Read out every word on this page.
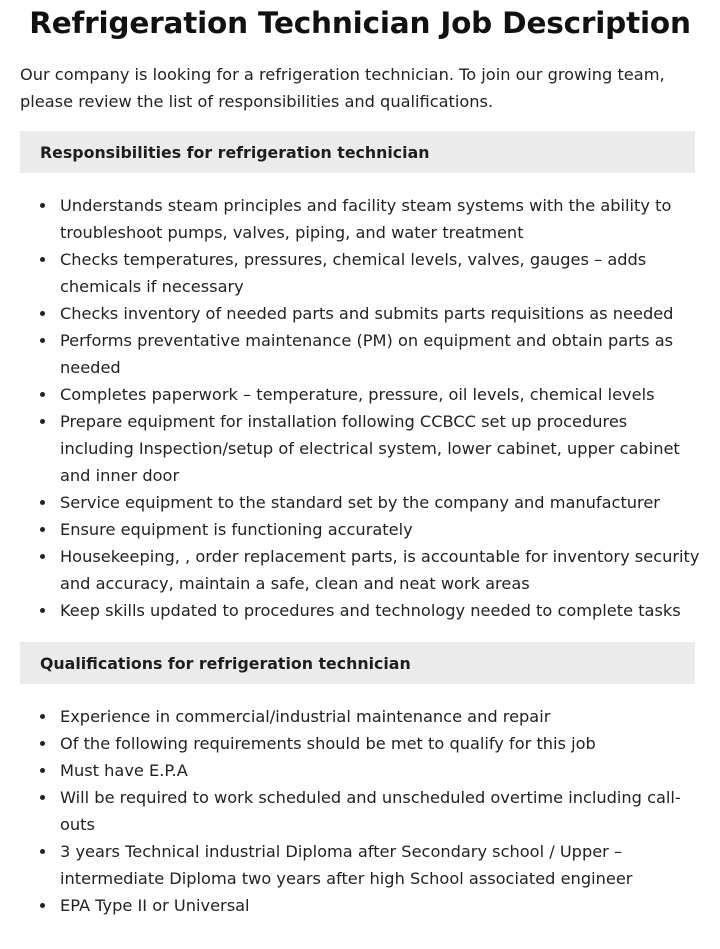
Refrigeration Technician Job Description

Our company is looking for a refrigeration technician. To join our growing team, please review the list of responsibilities and qualifications.

Responsibilities for refrigeration technician
Understands steam principles and facility steam systems with the ability to troubleshoot pumps, valves, piping, and water treatment
Checks temperatures, pressures, chemical levels, valves, gauges – adds chemicals if necessary
Checks inventory of needed parts and submits parts requisitions as needed
Performs preventative maintenance (PM) on equipment and obtain parts as needed
Completes paperwork – temperature, pressure, oil levels, chemical levels
Prepare equipment for installation following CCBCC set up procedures including Inspection/setup of electrical system, lower cabinet, upper cabinet and inner door
Service equipment to the standard set by the company and manufacturer
Ensure equipment is functioning accurately
Housekeeping, , order replacement parts, is accountable for inventory security and accuracy, maintain a safe, clean and neat work areas
Keep skills updated to procedures and technology needed to complete tasks
Qualifications for refrigeration technician
Experience in commercial/industrial maintenance and repair
Of the following requirements should be met to qualify for this job
Must have E.P.A
Will be required to work scheduled and unscheduled overtime including call-outs
3 years Technical industrial Diploma after Secondary school / Upper – intermediate Diploma two years after high School associated engineer
EPA Type II or Universal
